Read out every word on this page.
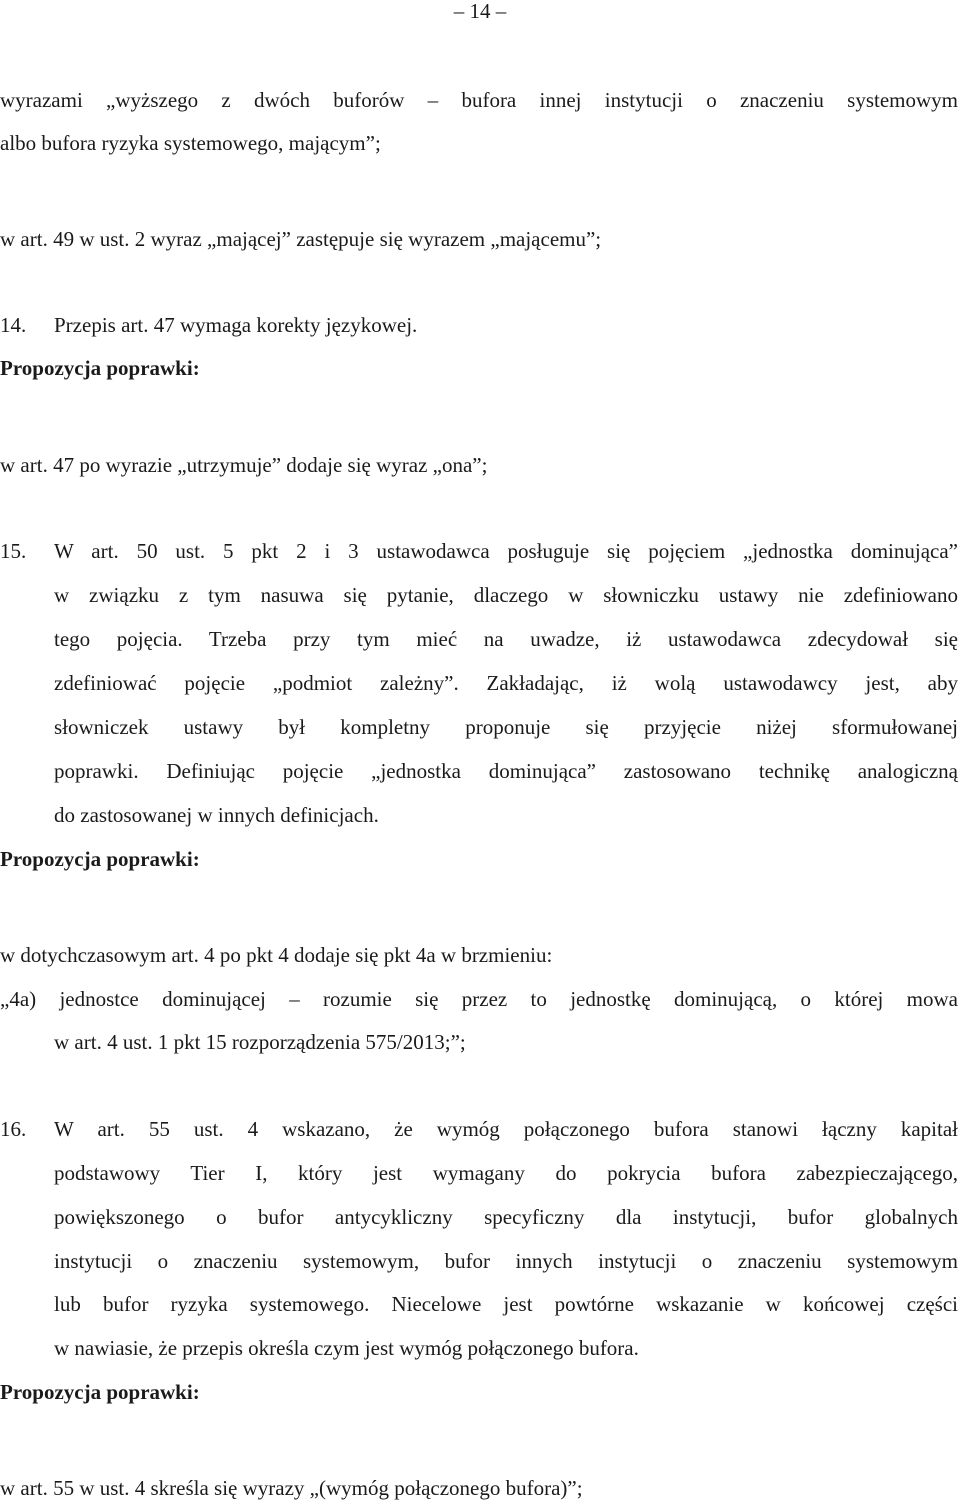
– 14 –
wyrazami „wyższego z dwóch buforów – bufora innej instytucji o znaczeniu systemowym
albo bufora ryzyka systemowego, mającym”;
w art. 49 w ust. 2 wyraz „mającej” zastępuje się wyrazem „mającemu”;
14. Przepis art. 47 wymaga korekty językowej.
Propozycja poprawki:
w art. 47 po wyrazie „utrzymuje” dodaje się wyraz „ona”;
15. W art. 50 ust. 5 pkt 2 i 3 ustawodawca posługuje się pojęciem „jednostka dominująca”
w związku z tym nasuwa się pytanie, dlaczego w słowniczku ustawy nie zdefiniowano
tego pojęcia. Trzeba przy tym mieć na uwadze, iż ustawodawca zdecydował się
zdefiniować pojęcie „podmiot zależny”. Zakładając, iż wolą ustawodawcy jest, aby
słowniczek ustawy był kompletny proponuje się przyjęcie niżej sformułowanej
poprawki. Definiując pojęcie „jednostka dominująca” zastosowano technikę analogiczną
do zastosowanej w innych definicjach.
Propozycja poprawki:
w dotychczasowym art. 4 po pkt 4 dodaje się pkt 4a w brzmieniu:
„4a) jednostce dominującej – rozumie się przez to jednostkę dominującą, o której mowa
w art. 4 ust. 1 pkt 15 rozporządzenia 575/2013;”;
16. W art. 55 ust. 4 wskazano, że wymóg połączonego bufora stanowi łączny kapitał
podstawowy Tier I, który jest wymagany do pokrycia bufora zabezpieczającego,
powiększonego o bufor antycykliczny specyficzny dla instytucji, bufor globalnych
instytucji o znaczeniu systemowym, bufor innych instytucji o znaczeniu systemowym
lub bufor ryzyka systemowego. Niecelowe jest powtórne wskazanie w końcowej części
w nawiasie, że przepis określa czym jest wymóg połączonego bufora.
Propozycja poprawki:
w art. 55 w ust. 4 skreśla się wyrazy „(wymóg połączonego bufora)”;
